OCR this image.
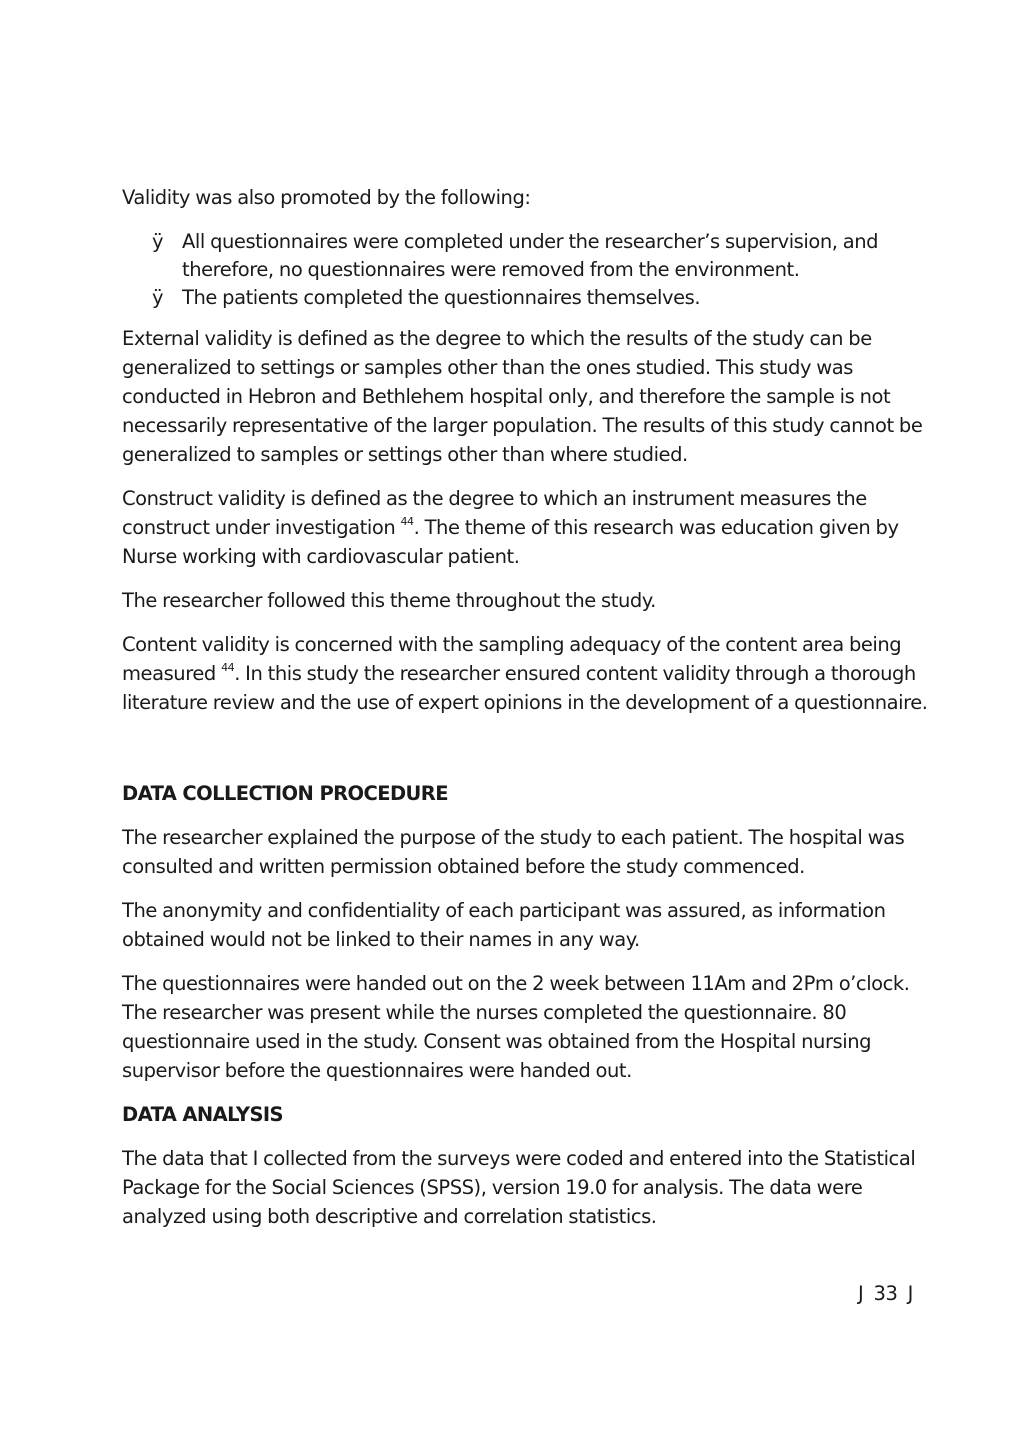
Validity was also promoted by the following:

ÿ All questionnaires were completed under the researcher’s supervision, and therefore, no questionnaires were removed from the environment.
ÿ The patients completed the questionnaires themselves.

External validity is defined as the degree to which the results of the study can be generalized to settings or samples other than the ones studied. This study was conducted in Hebron and Bethlehem hospital only, and therefore the sample is not necessarily representative of the larger population. The results of this study cannot be generalized to samples or settings other than where studied.

Construct validity is defined as the degree to which an instrument measures the construct under investigation $^{44}$. The theme of this research was education given by Nurse working with cardiovascular patient.

The researcher followed this theme throughout the study.

Content validity is concerned with the sampling adequacy of the content area being measured $^{44}$. In this study the researcher ensured content validity through a thorough literature review and the use of expert opinions in the development of a questionnaire.

DATA COLLECTION PROCEDURE

The researcher explained the purpose of the study to each patient. The hospital was consulted and written permission obtained before the study commenced.

The anonymity and confidentiality of each participant was assured, as information obtained would not be linked to their names in any way.

The questionnaires were handed out on the 2 week between 11Am and 2Pm o’clock. The researcher was present while the nurses completed the questionnaire. 80 questionnaire used in the study. Consent was obtained from the Hospital nursing supervisor before the questionnaires were handed out.

DATA ANALYSIS

The data that I collected from the surveys were coded and entered into the Statistical Package for the Social Sciences (SPSS), version 19.0 for analysis. The data were analyzed using both descriptive and correlation statistics.

J 33 J
